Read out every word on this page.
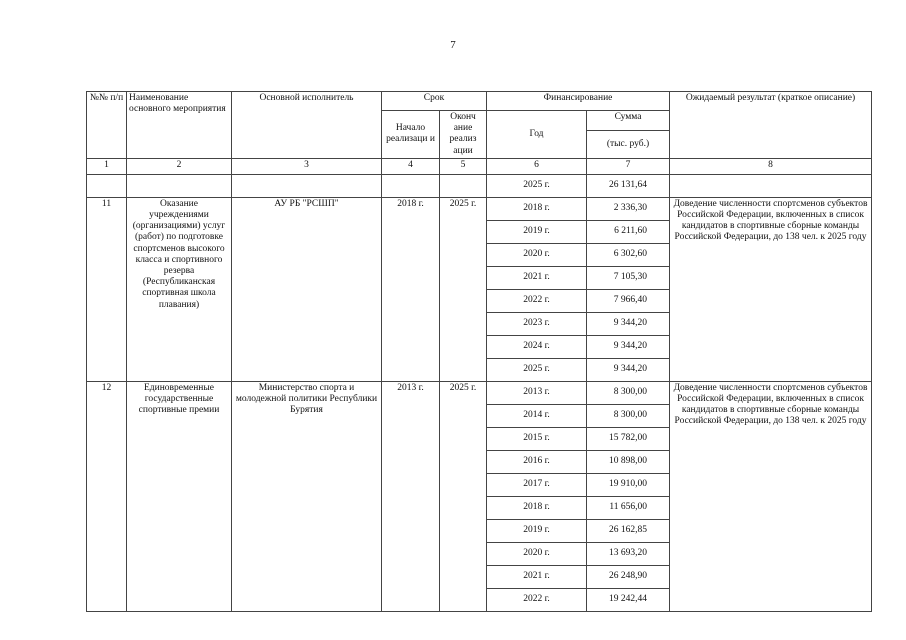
7
№№ п/п	Наименование основного мероприятия	Основной исполнитель	Срок		Финансирование		Ожидаемый результат (краткое описание)
			Начало реализаци и	Оконч ание реализ ации	Год	Сумма	
						(тыс. руб.)	
1	2	3	4	5	6	7	8
					2025 г.	26 131,64	
11	Оказание учреждениями (организациями) услуг (работ) по подготовке спортсменов высокого класса и спортивного резерва (Республиканская спортивная школа плавания)	АУ РБ "РСШП"	2018 г.	2025 г.	2018 г.	2 336,30	Доведение численности спортсменов субъектов Российской Федерации, включенных в список кандидатов в спортивные сборные команды Российской Федерации, до 138 чел. к 2025 году
					2019 г.	6 211,60	
					2020 г.	6 302,60	
					2021 г.	7 105,30	
					2022 г.	7 966,40	
					2023 г.	9 344,20	
					2024 г.	9 344,20	
					2025 г.	9 344,20	
12	Единовременные государственные спортивные премии	Министерство спорта и молодежной политики Республики Бурятия	2013 г.	2025 г.	2013 г.	8 300,00	Доведение численности спортсменов субъектов Российской Федерации, включенных в список кандидатов в спортивные сборные команды Российской Федерации, до 138 чел. к 2025 году
					2014 г.	8 300,00	
					2015 г.	15 782,00	
					2016 г.	10 898,00	
					2017 г.	19 910,00	
					2018 г.	11 656,00	
					2019 г.	26 162,85	
					2020 г.	13 693,20	
					2021 г.	26 248,90	
					2022 г.	19 242,44	
